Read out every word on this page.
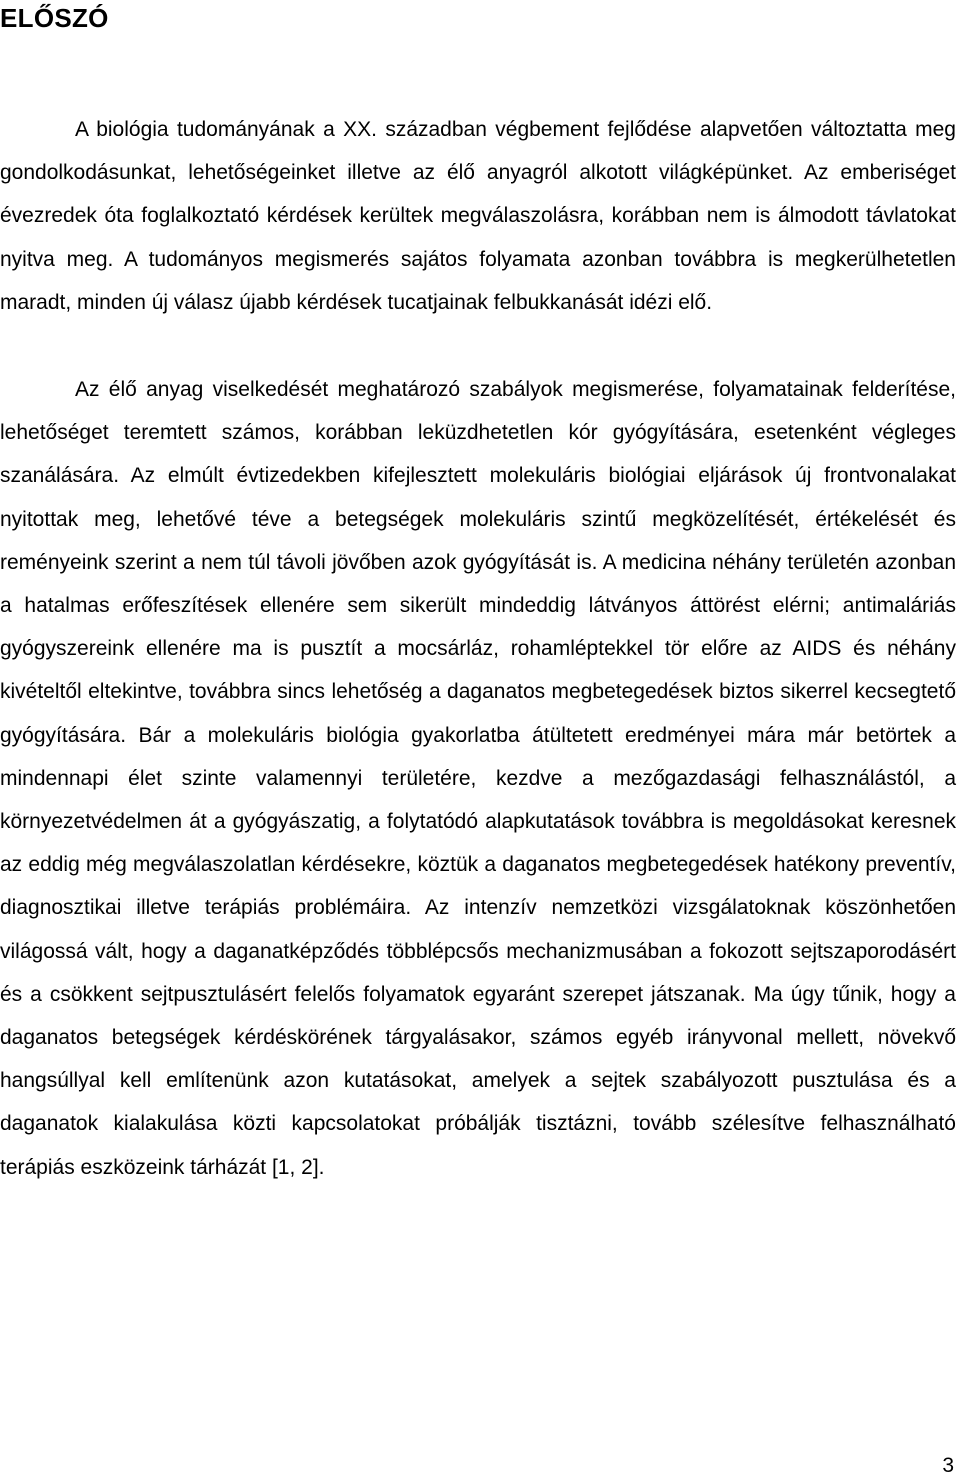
ELŐSZÓ

A biológia tudományának a XX. században végbement fejlődése alapvetően változtatta meg gondolkodásunkat, lehetőségeinket illetve az élő anyagról alkotott világképünket. Az emberiséget évezredek óta foglalkoztató kérdések kerültek megválaszolásra, korábban nem is álmodott távlatokat nyitva meg. A tudományos megismerés sajátos folyamata azonban továbbra is megkerülhetetlen maradt, minden új válasz újabb kérdések tucatjainak felbukkanását idézi elő.

Az élő anyag viselkedését meghatározó szabályok megismerése, folyamatainak felderítése, lehetőséget teremtett számos, korábban leküzdhetetlen kór gyógyítására, esetenként végleges szanálására. Az elmúlt évtizedekben kifejlesztett molekuláris biológiai eljárások új frontvonalakat nyitottak meg, lehetővé téve a betegségek molekuláris szintű megközelítését, értékelését és reményeink szerint a nem túl távoli jövőben azok gyógyítását is. A medicina néhány területén azonban a hatalmas erőfeszítések ellenére sem sikerült mindeddig látványos áttörést elérni; antimaláriás gyógyszereink ellenére ma is pusztít a mocsárláz, rohamléptekkel tör előre az AIDS és néhány kivételtől eltekintve, továbbra sincs lehetőség a daganatos megbetegedések biztos sikerrel kecsegtető gyógyítására. Bár a molekuláris biológia gyakorlatba átültetett eredményei mára már betörtek a mindennapi élet szinte valamennyi területére, kezdve a mezőgazdasági felhasználástól, a környezetvédelmen át a gyógyászatig, a folytatódó alapkutatások továbbra is megoldásokat keresnek az eddig még megválaszolatlan kérdésekre, köztük a daganatos megbetegedések hatékony preventív, diagnosztikai illetve terápiás problémáira. Az intenzív nemzetközi vizsgálatoknak köszönhetően világossá vált, hogy a daganatképződés többlépcsős mechanizmusában a fokozott sejtszaporodásért és a csökkent sejtpusztulásért felelős folyamatok egyaránt szerepet játszanak. Ma úgy tűnik, hogy a daganatos betegségek kérdéskörének tárgyalásakor, számos egyéb irányvonal mellett, növekvő hangsúllyal kell említenünk azon kutatásokat, amelyek a sejtek szabályozott pusztulása és a daganatok kialakulása közti kapcsolatokat próbálják tisztázni, tovább szélesítve felhasználható terápiás eszközeink tárházát [1, 2].

3
